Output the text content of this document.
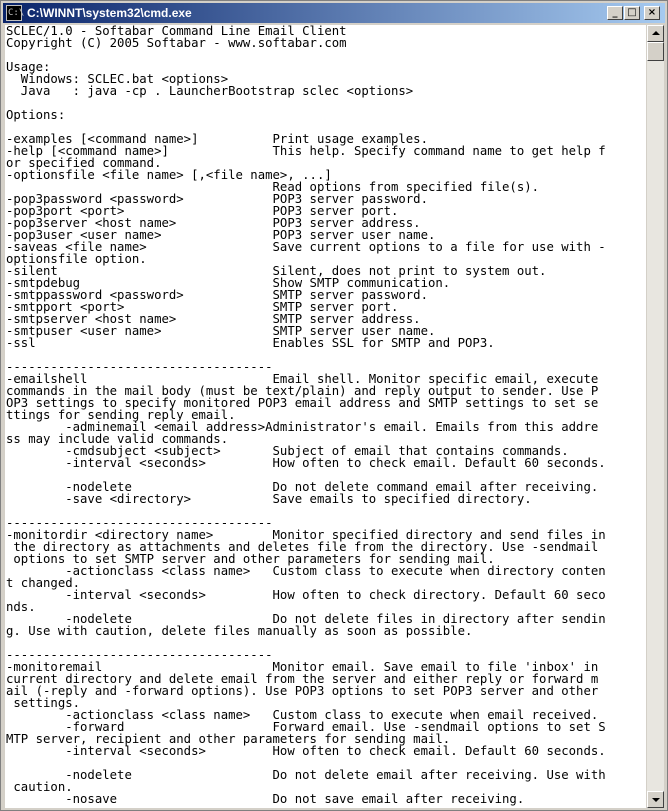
C:\ C:\WINNT\system32\cmd.exe	_ □	×
SCLEC/1.0 - Softabar Command Line Email Client
Copyright (C) 2005 Softabar - www.softabar.com

Usage:
Windows: SCLEC.bat <options>
Java   : java -cp . LauncherBootstrap sclec <options>

Options:

-examples [<command name>]          Print usage examples.
-help [<command name>]              This help. Specify command name to get help f
or specified command.
-optionsfile <file name> [,<file name>, ...]
Read options from specified file(s).
-pop3password <password>            POP3 server password.
-pop3port <port>                    POP3 server port.
-pop3server <host name>             POP3 server address.
-pop3user <user name>               POP3 server user name.
-saveas <file name>                 Save current options to a file for use with -
optionsfile option.
-silent                             Silent, does not print to system out.
-smtpdebug                          Show SMTP communication.
-smtppassword <password>            SMTP server password.
-smtpport <port>                    SMTP server port.
-smtpserver <host name>             SMTP server address.
-smtpuser <user name>               SMTP server user name.
-ssl                                Enables SSL for SMTP and POP3.

------------------------------------
-emailshell                         Email shell. Monitor specific email, execute
commands in the mail body (must be text/plain) and reply output to sender. Use P
OP3 settings to specify monitored POP3 email address and SMTP settings to set se
ttings for sending reply email.
-adminemail <email address>Administrator's email. Emails from this addre
ss may include valid commands.
-cmdsubject <subject>       Subject of email that contains commands.
-interval <seconds>         How often to check email. Default 60 seconds.

-nodelete                   Do not delete command email after receiving.
-save <directory>           Save emails to specified directory.

------------------------------------
-monitordir <directory name>        Monitor specified directory and send files in
the directory as attachments and deletes file from the directory. Use -sendmail
options to set SMTP server and other parameters for sending mail.
-actionclass <class name>   Custom class to execute when directory conten
t changed.
-interval <seconds>         How often to check directory. Default 60 seco
nds.
-nodelete                   Do not delete files in directory after sendin
g. Use with caution, delete files manually as soon as possible.

------------------------------------
-monitoremail                       Monitor email. Save email to file 'inbox' in
current directory and delete email from the server and either reply or forward m
ail (-reply and -forward options). Use POP3 options to set POP3 server and other
settings.
-actionclass <class name>   Custom class to execute when email received.
-forward                    Forward email. Use -sendmail options to set S
MTP server, recipient and other parameters for sending mail.
-interval <seconds>         How often to check email. Default 60 seconds.

-nodelete                   Do not delete email after receiving. Use with
caution.
-nosave                     Do not save email after receiving.
